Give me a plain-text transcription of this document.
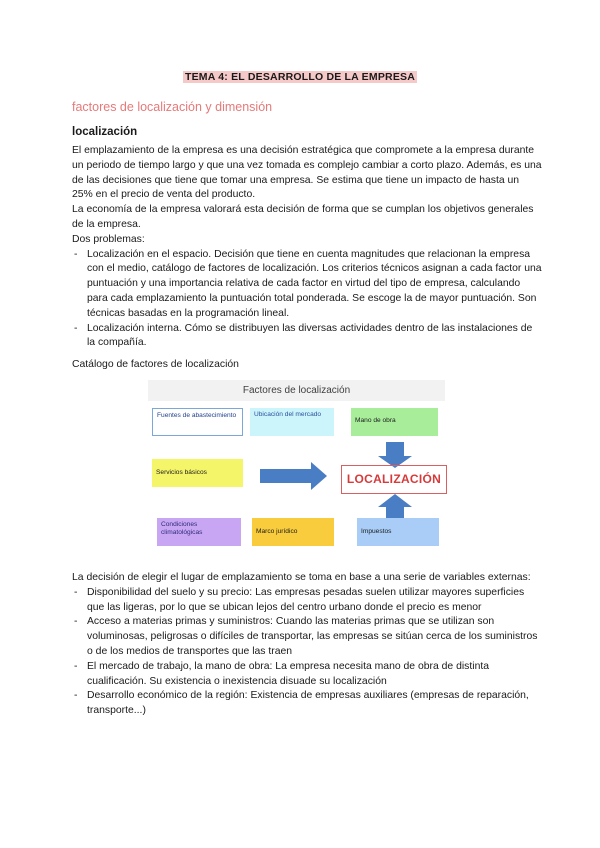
TEMA 4: EL DESARROLLO DE LA EMPRESA
factores de localización y dimensión
localización

El emplazamiento de la empresa es una decisión estratégica que compromete a la empresa durante un periodo de tiempo largo y que una vez tomada es complejo cambiar a corto plazo. Además, es una de las decisiones que tiene que tomar una empresa. Se estima que tiene un impacto de hasta un 25% en el precio de venta del producto.

La economía de la empresa valorará esta decisión de forma que se cumplan los objetivos generales de la empresa.

Dos problemas:

- Localización en el espacio. Decisión que tiene en cuenta magnitudes que relacionan la empresa con el medio, catálogo de factores de localización. Los criterios técnicos asignan a cada factor una puntuación y una importancia relativa de cada factor en virtud del tipo de empresa, calculando para cada emplazamiento la puntuación total ponderada. Se escoge la de mayor puntuación. Son técnicas basadas en la programación lineal.
- Localización interna. Cómo se distribuyen las diversas actividades dentro de las instalaciones de la compañía.
Catálogo de factores de localización
Factores de localización
Fuentes de abastecimiento	Ubicación del mercado
Mano de obra
Servicios básicos	LOCALIZACIÓN
Condiciones climatológicas	Marco jurídico	Impuestos

La decisión de elegir el lugar de emplazamiento se toma en base a una serie de variables externas:

- Disponibilidad del suelo y su precio: Las empresas pesadas suelen utilizar mayores superficies que las ligeras, por lo que se ubican lejos del centro urbano donde el precio es menor
- Acceso a materias primas y suministros: Cuando las materias primas que se utilizan son voluminosas, peligrosas o difíciles de transportar, las empresas se sitúan cerca de los suministros o de los medios de transportes que las traen
- El mercado de trabajo, la mano de obra: La empresa necesita mano de obra de distinta cualificación. Su existencia o inexistencia disuade su localización
- Desarrollo económico de la región: Existencia de empresas auxiliares (empresas de reparación, transporte...)
